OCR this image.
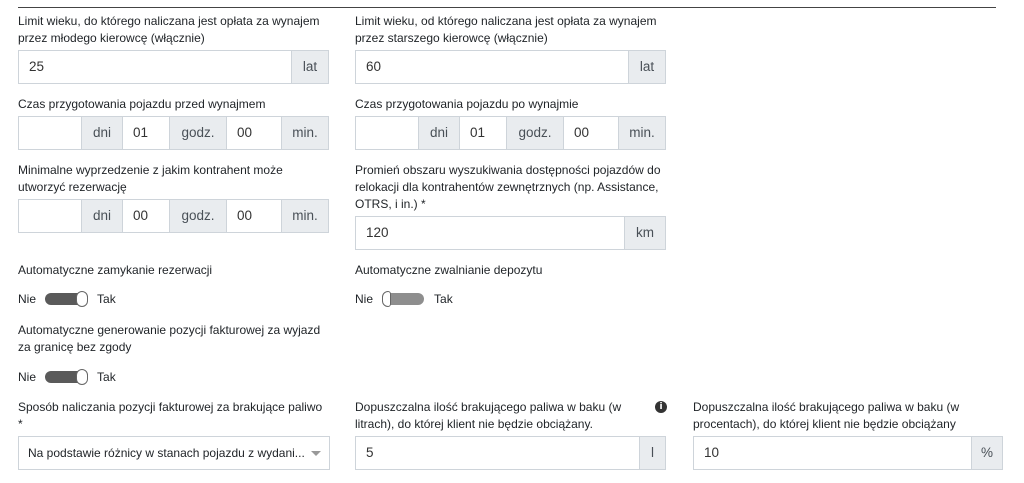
Limit wieku, do którego naliczana jest opłata za wynajem
przez młodego kierowcę (włącznie)
25	lat
Limit wieku, od którego naliczana jest opłata za wynajem
przez starszego kierowcę (włącznie)
60	lat
Czas przygotowania pojazdu przed wynajmem
dni	01	godz.	00	min.
Czas przygotowania pojazdu po wynajmie
dni	01	godz.	00	min.
Minimalne wyprzedzenie z jakim kontrahent może
utworzyć rezerwację
dni	00	godz.	00	min.
Promień obszaru wyszukiwania dostępności pojazdów do
relokacji dla kontrahentów zewnętrznych (np. Assistance,
OTRS, i in.) *
120	km
Automatyczne zamykanie rezerwacji
Nie	Tak
Automatyczne zwalnianie depozytu
Nie	Tak
Automatyczne generowanie pozycji fakturowej za wyjazd
za granicę bez zgody
Nie	Tak
Sposób naliczania pozycji fakturowej za brakujące paliwo
*
Na podstawie różnicy w stanach pojazdu z wydani...
Dopuszczalna ilość brakującego paliwa w baku (w
litrach), do której klient nie będzie obciążany.
i
5	l
Dopuszczalna ilość brakującego paliwa w baku (w
procentach), do której klient nie będzie obciążany
10	%
